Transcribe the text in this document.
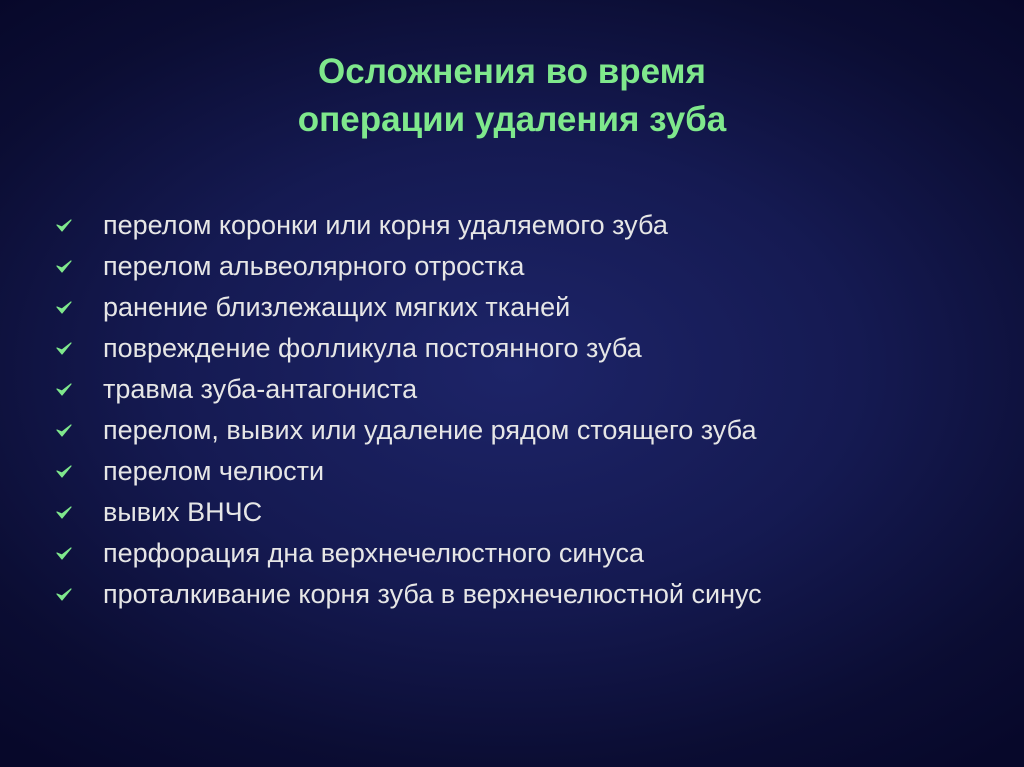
Осложнения во время
операции удаления зуба
перелом коронки или корня удаляемого зуба
перелом альвеолярного отростка
ранение близлежащих мягких тканей
повреждение фолликула постоянного зуба
травма зуба-антагониста
перелом, вывих или удаление рядом стоящего зуба
перелом челюсти
вывих ВНЧС
перфорация дна верхнечелюстного синуса
проталкивание корня зуба в верхнечелюстной синус
